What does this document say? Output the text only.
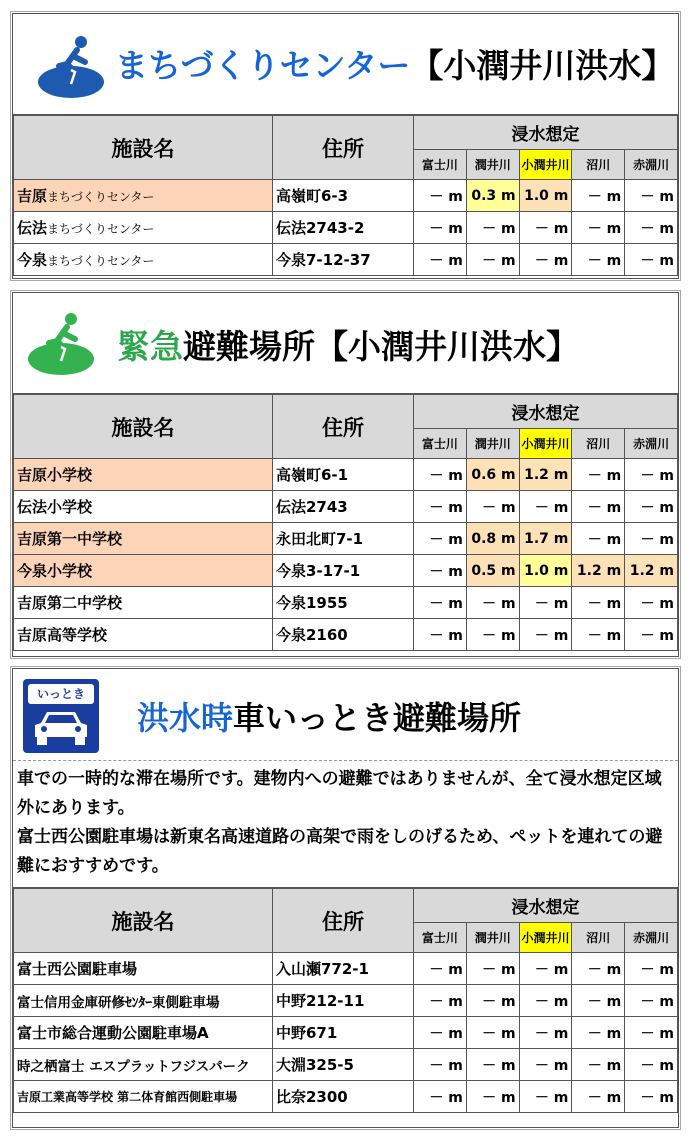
まちづくりセンター【小潤井川洪水】
施設名	住所	浸水想定				
		富士川	潤井川	小潤井川	沼川	赤淵川
吉原まちづくりセンター	高嶺町6-3	－ m	0.3 m	1.0 m	－ m	－ m
伝法まちづくりセンター	伝法2743-2	－ m	－ m	－ m	－ m	－ m
今泉まちづくりセンター	今泉7-12-37	－ m	－ m	－ m	－ m	－ m
緊急避難場所【小潤井川洪水】
施設名	住所	浸水想定				
		富士川	潤井川	小潤井川	沼川	赤淵川
吉原小学校	高嶺町6-1	－ m	0.6 m	1.2 m	－ m	－ m
伝法小学校	伝法2743	－ m	－ m	－ m	－ m	－ m
吉原第一中学校	永田北町7-1	－ m	0.8 m	1.7 m	－ m	－ m
今泉小学校	今泉3-17-1	－ m	0.5 m	1.0 m	1.2 m	1.2 m
吉原第二中学校	今泉1955	－ m	－ m	－ m	－ m	－ m
吉原高等学校	今泉2160	－ m	－ m	－ m	－ m	－ m
いっとき
洪水時車いっとき避難場所

車での一時的な滞在場所です。建物内への避難ではありませんが、全て浸水想定区域外にあります。

富士西公園駐車場は新東名高速道路の高架で雨をしのげるため、ペットを連れての避難におすすめです。

施設名	住所	浸水想定				
		富士川	潤井川	小潤井川	沼川	赤淵川
富士西公園駐車場	入山瀬772-1	－ m	－ m	－ m	－ m	－ m
富士信用金庫研修ｾﾝﾀｰ東側駐車場	中野212-11	－ m	－ m	－ m	－ m	－ m
富士市総合運動公園駐車場A	中野671	－ m	－ m	－ m	－ m	－ m
時之栖富士 エスプラットフジスパーク	大淵325-5	－ m	－ m	－ m	－ m	－ m
吉原工業高等学校 第二体育館西側駐車場	比奈2300	－ m	－ m	－ m	－ m	－ m
